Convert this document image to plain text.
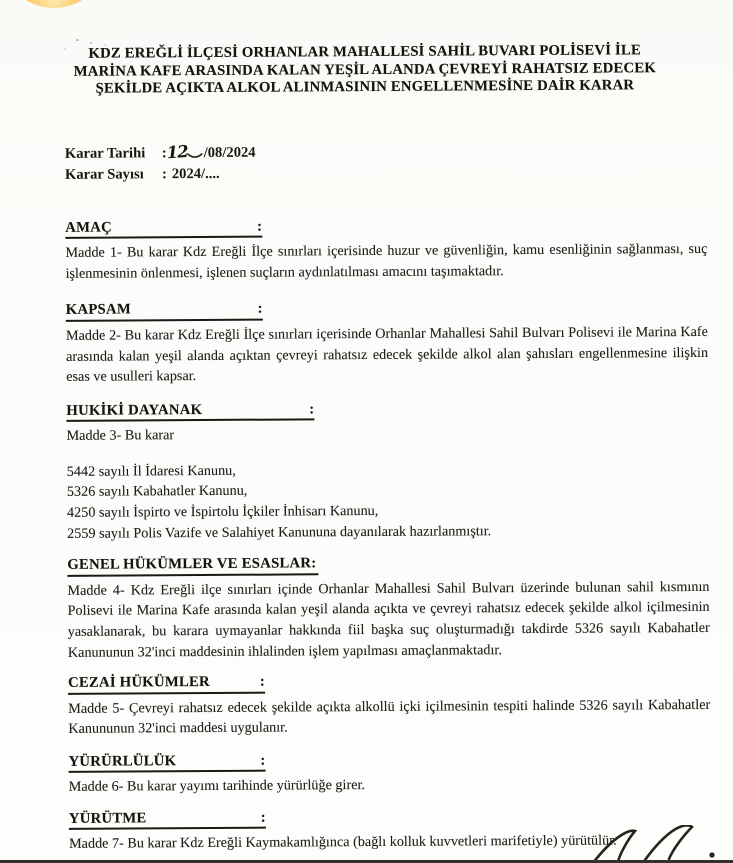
KDZ EREĞLİ İLÇESİ ORHANLAR MAHALLESİ SAHİL BUVARI POLİSEVİ İLE
MARİNA KAFE ARASINDA KALAN YEŞİL ALANDA ÇEVREYİ RAHATSIZ EDECEK
ŞEKİLDE AÇIKTA ALKOL ALINMASININ ENGELLENMESİNE DAİR KARAR
Karar Tarihi	: 12 /08/2024
Karar Sayısı	: 2024/....
AMAÇ	:
Madde 1- Bu karar Kdz Ereğli İlçe sınırları içerisinde huzur ve güvenliğin, kamu esenliğinin sağlanması, suç işlenmesinin önlenmesi, işlenen suçların aydınlatılması amacını taşımaktadır.
KAPSAM	:
Madde 2- Bu karar Kdz Ereğli İlçe sınırları içerisinde Orhanlar Mahallesi Sahil Bulvarı Polisevi ile Marina Kafe arasında kalan yeşil alanda açıktan çevreyi rahatsız edecek şekilde alkol alan şahısları engellenmesine ilişkin esas ve usulleri kapsar.
HUKİKİ DAYANAK	:
Madde 3- Bu karar
5442 sayılı İl İdaresi Kanunu,
5326 sayılı Kabahatler Kanunu,
4250 sayılı İspirto ve İspirtolu İçkiler İnhisarı Kanunu,
2559 sayılı Polis Vazife ve Salahiyet Kanununa dayanılarak hazırlanmıştır.
GENEL HÜKÜMLER VE ESASLAR:
Madde 4- Kdz Ereğli ilçe sınırları içinde Orhanlar Mahallesi Sahil Bulvarı üzerinde bulunan sahil kısmının Polisevi ile Marina Kafe arasında kalan yeşil alanda açıkta ve çevreyi rahatsız edecek şekilde alkol içilmesinin yasaklanarak, bu karara uymayanlar hakkında fiil başka suç oluşturmadığı takdirde 5326 sayılı Kabahatler Kanununun 32'inci maddesinin ihlalinden işlem yapılması amaçlanmaktadır.
CEZAİ HÜKÜMLER	:
Madde 5- Çevreyi rahatsız edecek şekilde açıkta alkollü içki içilmesinin tespiti halinde 5326 sayılı Kabahatler Kanununun 32'inci maddesi uygulanır.
YÜRÜRLÜLÜK	:
Madde 6- Bu karar yayımı tarihinde yürürlüğe girer.
YÜRÜTME	:
Madde 7- Bu karar Kdz Ereğli Kaymakamlığınca (bağlı kolluk kuvvetleri marifetiyle) yürütülür.
